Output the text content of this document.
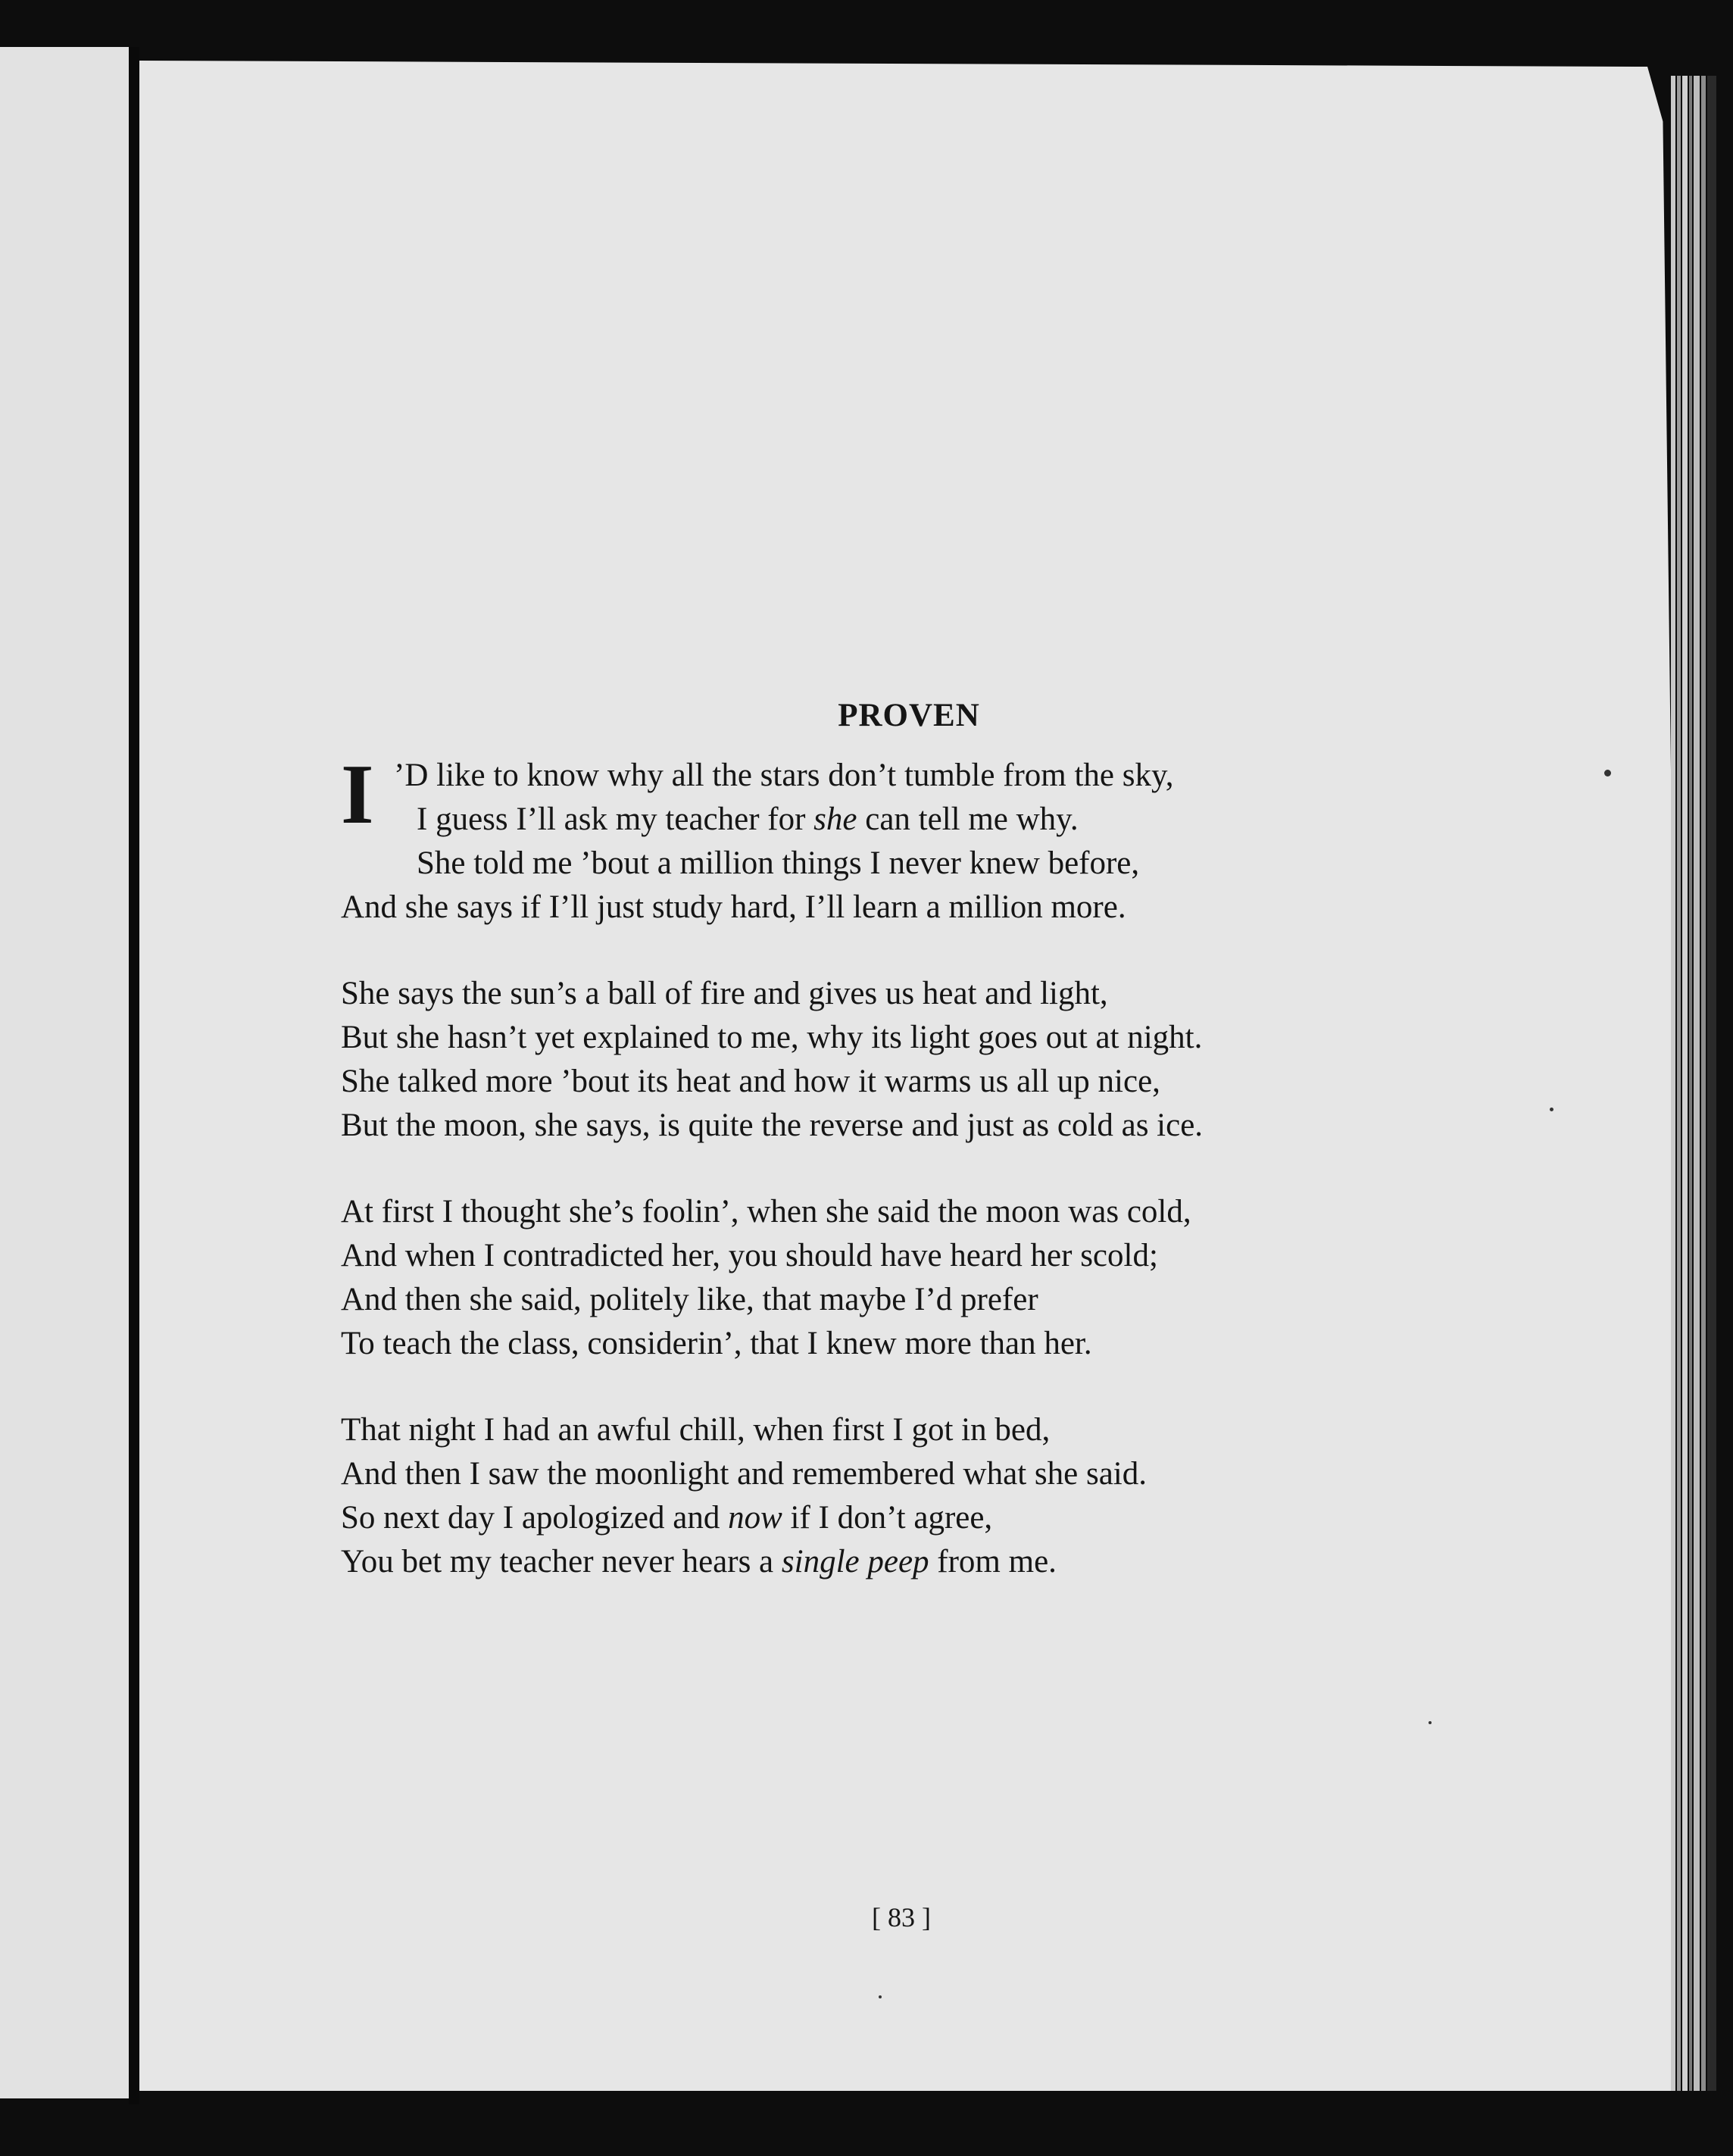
PROVEN
I ’D like to know why all the stars don’t tumble from the sky,
I guess I’ll ask my teacher for she can tell me why.
She told me ’bout a million things I never knew before,
And she says if I’ll just study hard, I’ll learn a million more.
She says the sun’s a ball of fire and gives us heat and light,
But she hasn’t yet explained to me, why its light goes out at night.
She talked more ’bout its heat and how it warms us all up nice,
But the moon, she says, is quite the reverse and just as cold as ice.
At first I thought she’s foolin’, when she said the moon was cold,
And when I contradicted her, you should have heard her scold;
And then she said, politely like, that maybe I’d prefer
To teach the class, considerin’, that I knew more than her.
That night I had an awful chill, when first I got in bed,
And then I saw the moonlight and remembered what she said.
So next day I apologized and now if I don’t agree,
You bet my teacher never hears a single peep from me.
[ 83 ]
